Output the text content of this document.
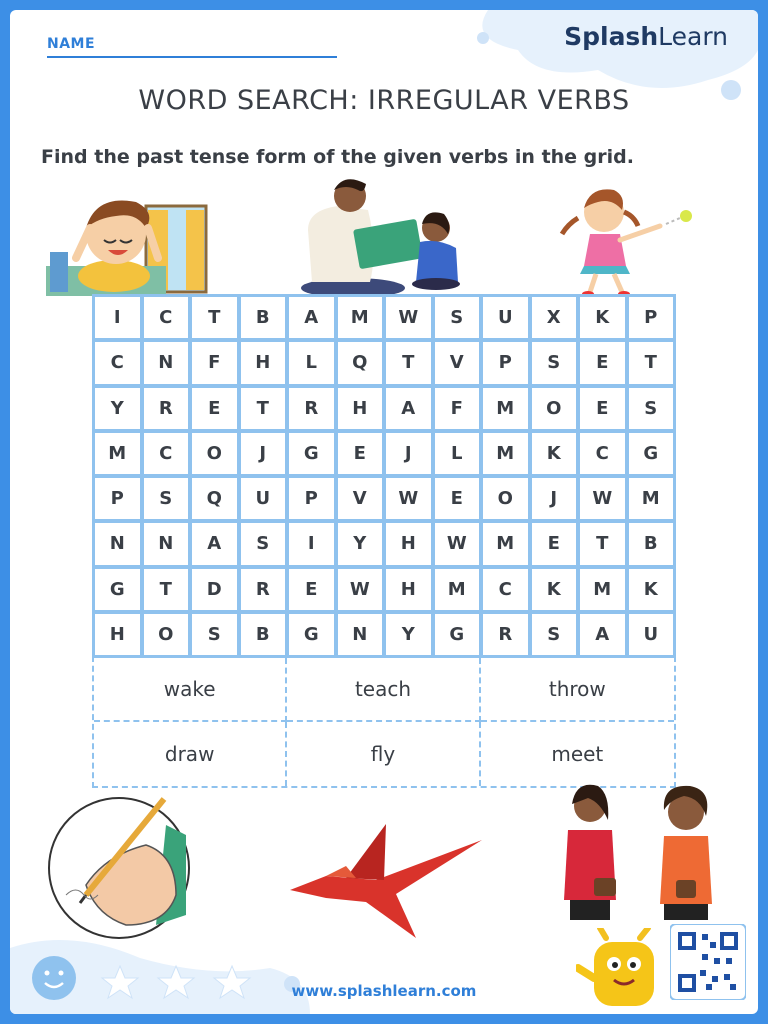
NAME	SplashLearn
WORD SEARCH: IRREGULAR VERBS
Find the past tense form of the given verbs in the grid.
I	C	T	B	A	M	W	S	U	X	K	P
C	N	F	H	L	Q	T	V	P	S	E	T
Y	R	E	T	R	H	A	F	M	O	E	S
M	C	O	J	G	E	J	L	M	K	C	G
P	S	Q	U	P	V	W	E	O	J	W	M
N	N	A	S	I	Y	H	W	M	E	T	B
G	T	D	R	E	W	H	M	C	K	M	K
H	O	S	B	G	N	Y	G	R	S	A	U
wake	teach	throw
draw	fly	meet
www.splashlearn.com
